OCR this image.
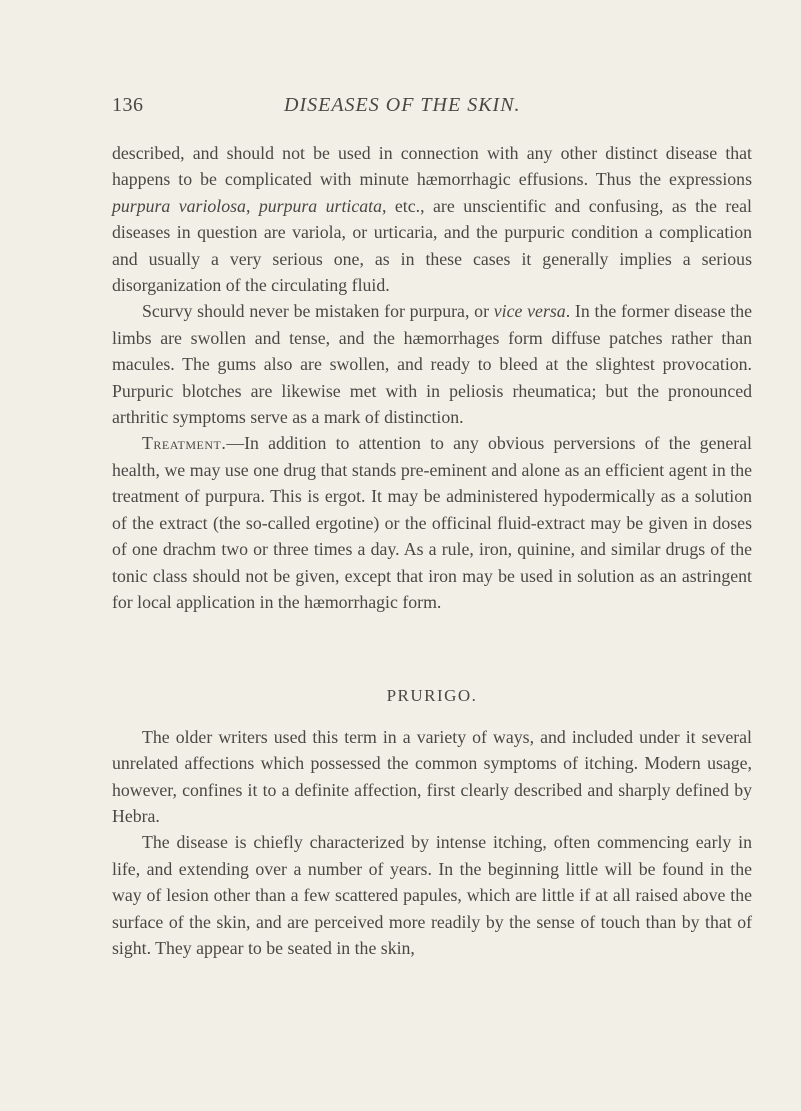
136	DISEASES OF THE SKIN.

described, and should not be used in connection with any other distinct disease that happens to be complicated with minute hæmorrhagic effusions. Thus the expressions purpura variolosa, purpura urticata, etc., are unscientific and confusing, as the real diseases in question are variola, or urticaria, and the purpuric condition a complication and usually a very serious one, as in these cases it generally implies a serious disorganization of the circulating fluid.

Scurvy should never be mistaken for purpura, or vice versa. In the former disease the limbs are swollen and tense, and the hæmorrhages form diffuse patches rather than macules. The gums also are swollen, and ready to bleed at the slightest provocation. Purpuric blotches are likewise met with in peliosis rheumatica; but the pronounced arthritic symptoms serve as a mark of distinction.

Treatment.—In addition to attention to any obvious perversions of the general health, we may use one drug that stands pre-eminent and alone as an efficient agent in the treatment of purpura. This is ergot. It may be administered hypodermically as a solution of the extract (the so-called ergotine) or the officinal fluid-extract may be given in doses of one drachm two or three times a day. As a rule, iron, quinine, and similar drugs of the tonic class should not be given, except that iron may be used in solution as an astringent for local application in the hæmorrhagic form.

PRURIGO.

The older writers used this term in a variety of ways, and included under it several unrelated affections which possessed the common symptoms of itching. Modern usage, however, confines it to a definite affection, first clearly described and sharply defined by Hebra.

The disease is chiefly characterized by intense itching, often commencing early in life, and extending over a number of years. In the beginning little will be found in the way of lesion other than a few scattered papules, which are little if at all raised above the surface of the skin, and are perceived more readily by the sense of touch than by that of sight. They appear to be seated in the skin,
